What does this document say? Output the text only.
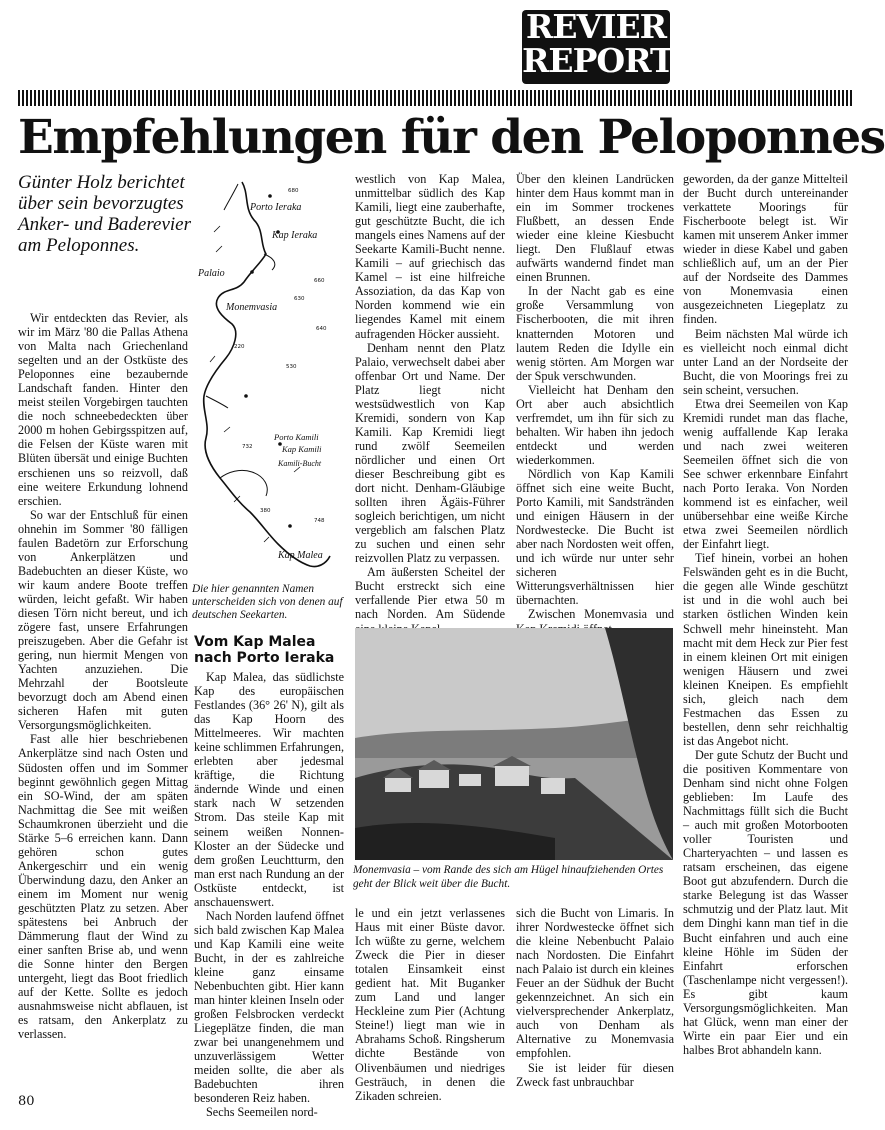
REVIER
REPORT
Empfehlungen für den Peloponnes
Günter Holz berichtet über sein bevorzugtes Anker- und Baderevier am Peloponnes.

Wir entdeckten das Revier, als wir im März '80 die Pallas Athena von Malta nach Griechenland segelten und an der Ostküste des Peloponnes eine bezaubernde Landschaft fanden. Hinter den meist steilen Vorgebirgen tauchten die noch schneebedeckten über 2000 m hohen Gebirgsspitzen auf, die Felsen der Küste waren mit Blüten übersät und einige Buchten erschienen uns so reizvoll, daß eine weitere Erkundung lohnend erschien.

So war der Entschluß für einen ohnehin im Sommer '80 fälligen faulen Badetörn zur Erforschung von Ankerplätzen und Badebuchten an dieser Küste, wo wir kaum andere Boote treffen würden, leicht gefaßt. Wir haben diesen Törn nicht bereut, und ich zögere fast, unsere Erfahrungen preiszugeben. Aber die Gefahr ist gering, nun hiermit Mengen von Yachten anzuziehen. Die Mehrzahl der Bootsleute bevorzugt doch am Abend einen sicheren Hafen mit guten Versorgungsmöglichkeiten.

Fast alle hier beschriebenen Ankerplätze sind nach Osten und Südosten offen und im Sommer beginnt gewöhnlich gegen Mittag ein SO-Wind, der am späten Nachmittag die See mit weißen Schaumkronen überzieht und die Stärke 5–6 erreichen kann. Dann gehören schon gutes Ankergeschirr und ein wenig Überwindung dazu, den Anker an einem im Moment nur wenig geschützten Platz zu setzen. Aber spätestens bei Anbruch der Dämmerung flaut der Wind zu einer sanften Brise ab, und wenn die Sonne hinter den Bergen untergeht, liegt das Boot friedlich auf der Kette. Sollte es jedoch ausnahmsweise nicht abflauen, ist es ratsam, den Ankerplatz zu verlassen.

680
660
630
640
530
220
732
380
748
Porto Ieraka
Kap Ieraka
Palaio
Monemvasia
Porto Kamili
Kap Kamili
Kamili-Bucht
Kap Malea
Die hier genannten Namen unterscheiden sich von denen auf deutschen Seekarten.
Vom Kap Malea nach Porto Ieraka

Kap Malea, das südlichste Kap des europäischen Festlandes (36° 26' N), gilt als das Kap Hoorn des Mittelmeeres. Wir machten keine schlimmen Erfahrungen, erlebten aber jedesmal kräftige, die Richtung ändernde Winde und einen stark nach W setzenden Strom. Das steile Kap mit seinem weißen Nonnen-Kloster an der Südecke und dem großen Leuchtturm, den man erst nach Rundung an der Ostküste entdeckt, ist anschauenswert.

Nach Norden laufend öffnet sich bald zwischen Kap Malea und Kap Kamili eine weite Bucht, in der es zahlreiche kleine ganz einsame Nebenbuchten gibt. Hier kann man hinter kleinen Inseln oder großen Felsbrocken verdeckt Liegeplätze finden, die man zwar bei unangenehmem und unzuverlässigem Wetter meiden sollte, die aber als Badebuchten ihren besonderen Reiz haben.

Sechs Seemeilen nord-

westlich von Kap Malea, unmittelbar südlich des Kap Kamili, liegt eine zauberhafte, gut geschützte Bucht, die ich mangels eines Namens auf der Seekarte Kamili-Bucht nenne. Kamili – auf griechisch das Kamel – ist eine hilfreiche Assoziation, da das Kap von Norden kommend wie ein liegendes Kamel mit einem aufragenden Höcker aussieht.

Denham nennt den Platz Palaio, verwechselt dabei aber offenbar Ort und Name. Der Platz liegt nicht westsüdwestlich von Kap Kremidi, sondern von Kap Kamili. Kap Kremidi liegt rund zwölf Seemeilen nördlicher und einen Ort dieser Beschreibung gibt es dort nicht. Denham-Gläubige sollten ihren Ägäis-Führer sogleich berichtigen, um nicht vergeblich am falschen Platz zu suchen und einen sehr reizvollen Platz zu verpassen.

Am äußersten Scheitel der Bucht erstreckt sich eine verfallende Pier etwa 50 m nach Norden. Am Südende

Über den kleinen Landrücken hinter dem Haus kommt man in ein im Sommer trockenes Flußbett, an dessen Ende wieder eine kleine Kiesbucht liegt. Den Flußlauf etwas aufwärts wandernd findet man einen Brunnen.

In der Nacht gab es eine große Versammlung von Fischerbooten, die mit ihren knatternden Motoren und lautem Reden die Idylle ein wenig störten. Am Morgen war der Spuk verschwunden.

Vielleicht hat Denham den Ort aber auch absichtlich verfremdet, um ihn für sich zu behalten. Wir haben ihn jedoch entdeckt und werden wiederkommen.

Nördlich von Kap Kamili öffnet sich eine weite Bucht, Porto Kamili, mit Sandstränden und einigen Häusern in der Nordwestecke. Die Bucht ist aber nach Nordosten weit offen, und ich würde nur unter sehr sicheren Witterungsverhältnissen hier übernachten.

Zwischen Monemvasia und

Monemvasia – vom Rande des sich am Hügel hinaufziehenden Ortes geht der Blick weit über die Bucht.

le und ein jetzt verlassenes Haus mit einer Büste davor. Ich wüßte zu gerne, welchem Zweck die Pier in dieser totalen Einsamkeit einst gedient hat. Mit Buganker zum Land und langer Heckleine zum Pier (Achtung Steine!) liegt man wie in Abrahams Schoß. Ringsherum dichte Bestände von Olivenbäumen und niedriges Gesträuch, in denen die Zikaden schreien.

sich die Bucht von Limaris. In ihrer Nordwestecke öffnet sich die kleine Nebenbucht Palaio nach Nordosten. Die Einfahrt nach Palaio ist durch ein kleines Feuer an der Südhuk der Bucht gekennzeichnet. An sich ein vielversprechender Ankerplatz, auch von Denham als Alternative zu Monemvasia empfohlen.

Sie ist leider für diesen Zweck fast unbrauchbar

geworden, da der ganze Mittelteil der Bucht durch untereinander verkattete Moorings für Fischerboote belegt ist. Wir kamen mit unserem Anker immer wieder in diese Kabel und gaben schließlich auf, um an der Pier auf der Nordseite des Dammes von Monemvasia einen ausgezeichneten Liegeplatz zu finden.

Beim nächsten Mal würde ich es vielleicht noch einmal dicht unter Land an der Nordseite der Bucht, die von Moorings frei zu sein scheint, versuchen.

Etwa drei Seemeilen von Kap Kremidi rundet man das flache, wenig auffallende Kap Ieraka und nach zwei weiteren Seemeilen öffnet sich die von See schwer erkennbare Einfahrt nach Porto Ieraka. Von Norden kommend ist es einfacher, weil unübersehbar eine weiße Kirche etwa zwei Seemeilen nördlich der Einfahrt liegt.

Tief hinein, vorbei an hohen Felswänden geht es in die Bucht, die gegen alle Winde geschützt ist und in die wohl auch bei starken östlichen Winden kein Schwell mehr hineinsteht. Man macht mit dem Heck zur Pier fest in einem kleinen Ort mit einigen wenigen Häusern und zwei kleinen Kneipen. Es empfiehlt sich, gleich nach dem Festmachen das Essen zu bestellen, denn sehr reichhaltig ist das Angebot nicht.

Der gute Schutz der Bucht und die positiven Kommentare von Denham sind nicht ohne Folgen geblieben: Im Laufe des Nachmittags füllt sich die Bucht – auch mit großen Motorbooten voller Touristen und Charteryachten – und lassen es ratsam erscheinen, das eigene Boot gut abzufendern. Durch die starke Belegung ist das Wasser schmutzig und der Platz laut. Mit dem Dinghi kann man tief in die Bucht einfahren und auch eine kleine Höhle im Süden der Einfahrt erforschen (Taschenlampe nicht vergessen!). Es gibt kaum Versorgungsmöglichkeiten. Man hat Glück, wenn man einer der Wirte ein paar Eier und ein halbes Brot abhandeln kann.

80
